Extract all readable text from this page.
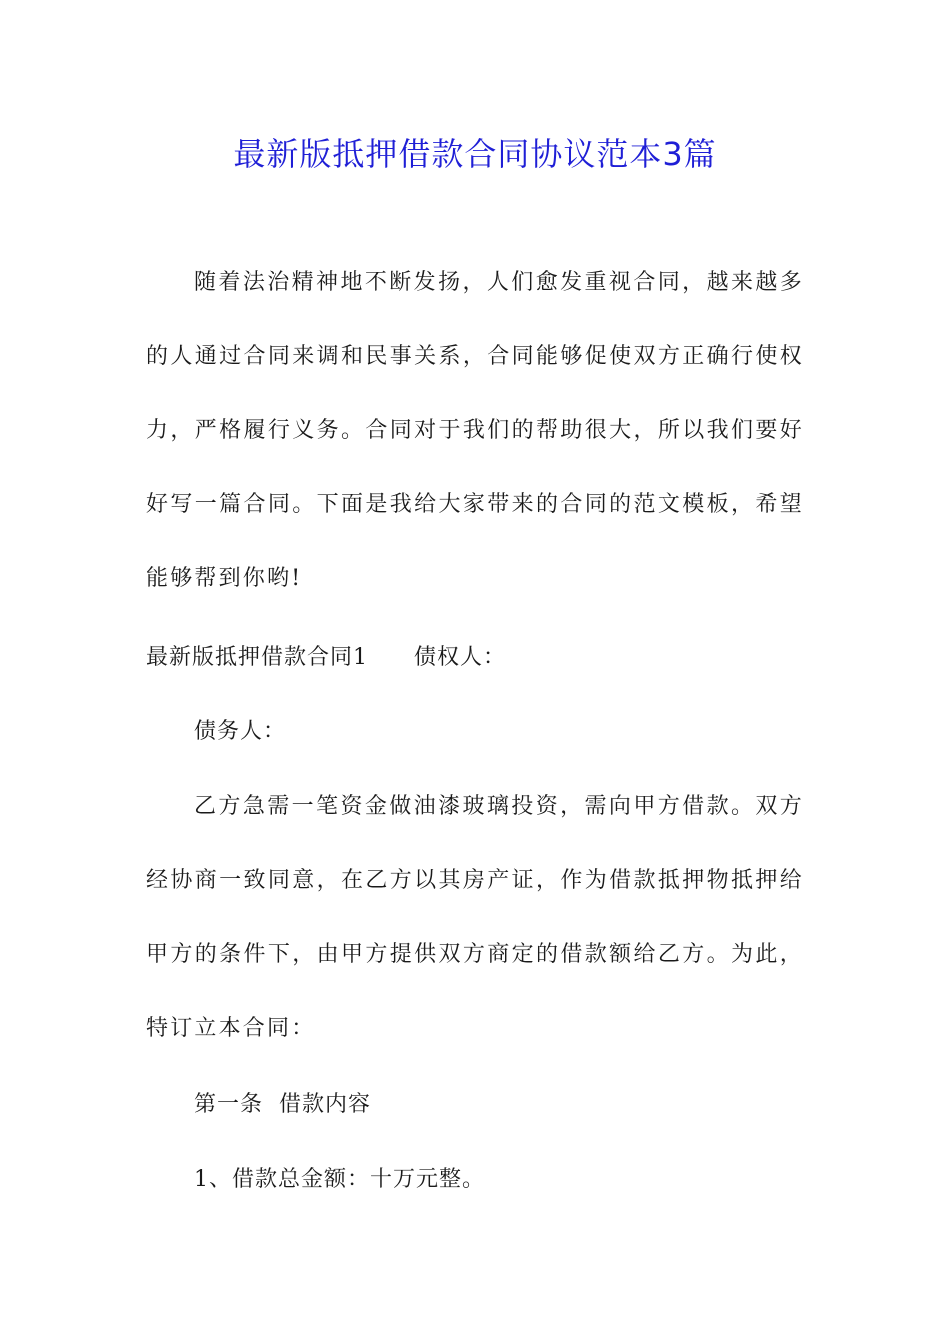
最新版抵押借款合同协议范本3篇

随着法治精神地不断发扬，人们愈发重视合同，越来越多的人通过合同来调和民事关系，合同能够促使双方正确行使权力，严格履行义务。合同对于我们的帮助很大，所以我们要好好写一篇合同。下面是我给大家带来的合同的范文模板，希望能够帮到你哟!

最新版抵押借款合同1 债权人：
债务人：

乙方急需一笔资金做油漆玻璃投资，需向甲方借款。双方经协商一致同意，在乙方以其房产证，作为借款抵押物抵押给甲方的条件下，由甲方提供双方商定的借款额给乙方。为此，特订立本合同：

第一条  借款内容
1、借款总金额：十万元整。
